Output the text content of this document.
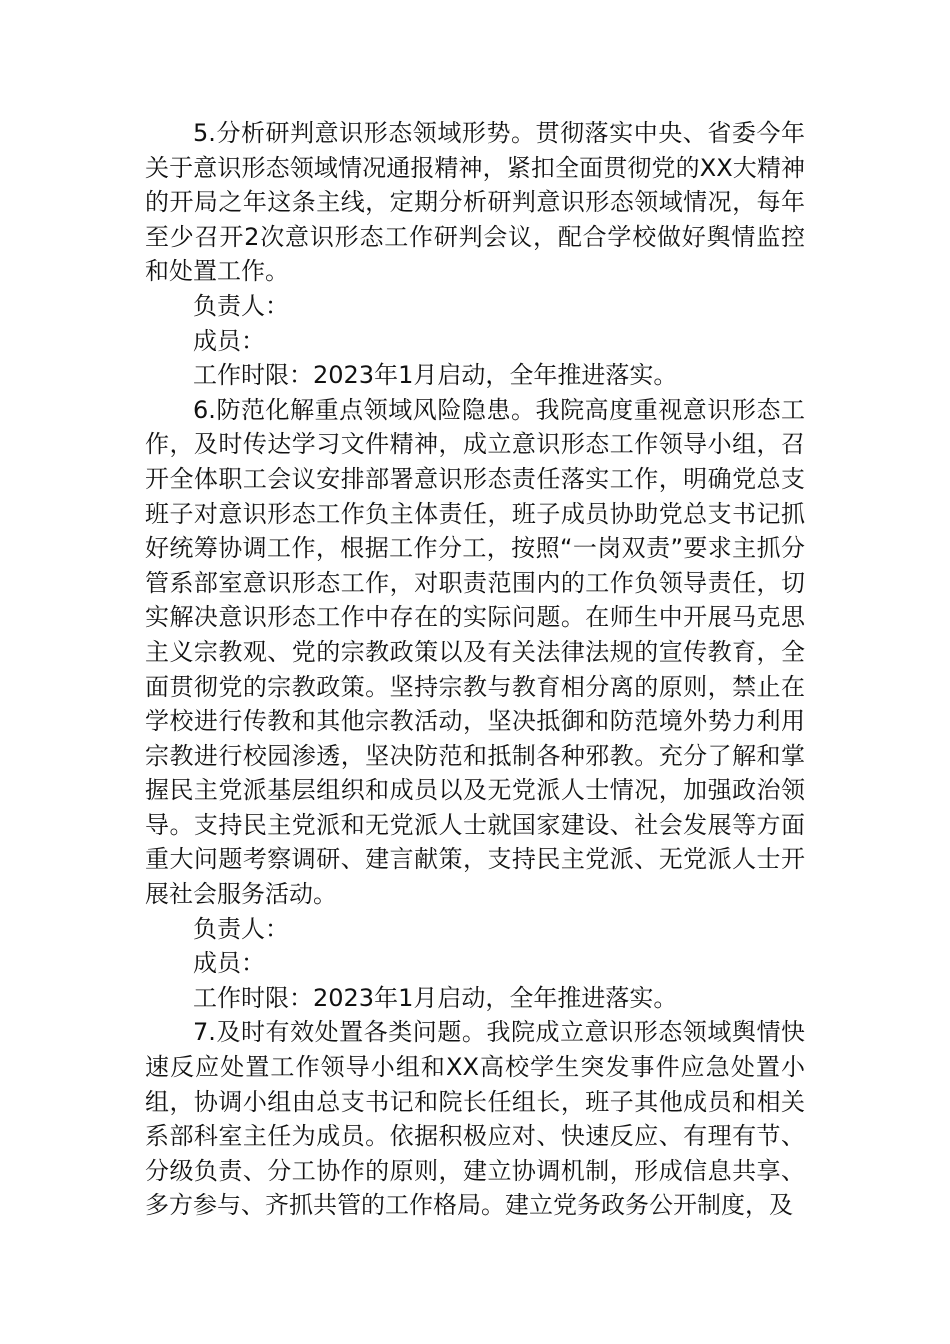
5.分析研判意识形态领域形势。贯彻落实中央、省委今年关于意识形态领域情况通报精神，紧扣全面贯彻党的XX大精神的开局之年这条主线，定期分析研判意识形态领域情况，每年至少召开2次意识形态工作研判会议，配合学校做好舆情监控和处置工作。

负责人：

成员：

工作时限：2023年1月启动，全年推进落实。

6.防范化解重点领域风险隐患。我院高度重视意识形态工作，及时传达学习文件精神，成立意识形态工作领导小组，召开全体职工会议安排部署意识形态责任落实工作，明确党总支班子对意识形态工作负主体责任，班子成员协助党总支书记抓好统筹协调工作，根据工作分工，按照“一岗双责”要求主抓分管系部室意识形态工作，对职责范围内的工作负领导责任，切实解决意识形态工作中存在的实际问题。在师生中开展马克思主义宗教观、党的宗教政策以及有关法律法规的宣传教育，全面贯彻党的宗教政策。坚持宗教与教育相分离的原则，禁止在学校进行传教和其他宗教活动，坚决抵御和防范境外势力利用宗教进行校园渗透，坚决防范和抵制各种邪教。充分了解和掌握民主党派基层组织和成员以及无党派人士情况，加强政治领导。支持民主党派和无党派人士就国家建设、社会发展等方面重大问题考察调研、建言献策，支持民主党派、无党派人士开展社会服务活动。

负责人：

成员：

工作时限：2023年1月启动，全年推进落实。

7.及时有效处置各类问题。我院成立意识形态领域舆情快速反应处置工作领导小组和XX高校学生突发事件应急处置小组，协调小组由总支书记和院长任组长，班子其他成员和相关系部科室主任为成员。依据积极应对、快速反应、有理有节、分级负责、分工协作的原则，建立协调机制，形成信息共享、多方参与、齐抓共管的工作格局。建立党务政务公开制度，及
